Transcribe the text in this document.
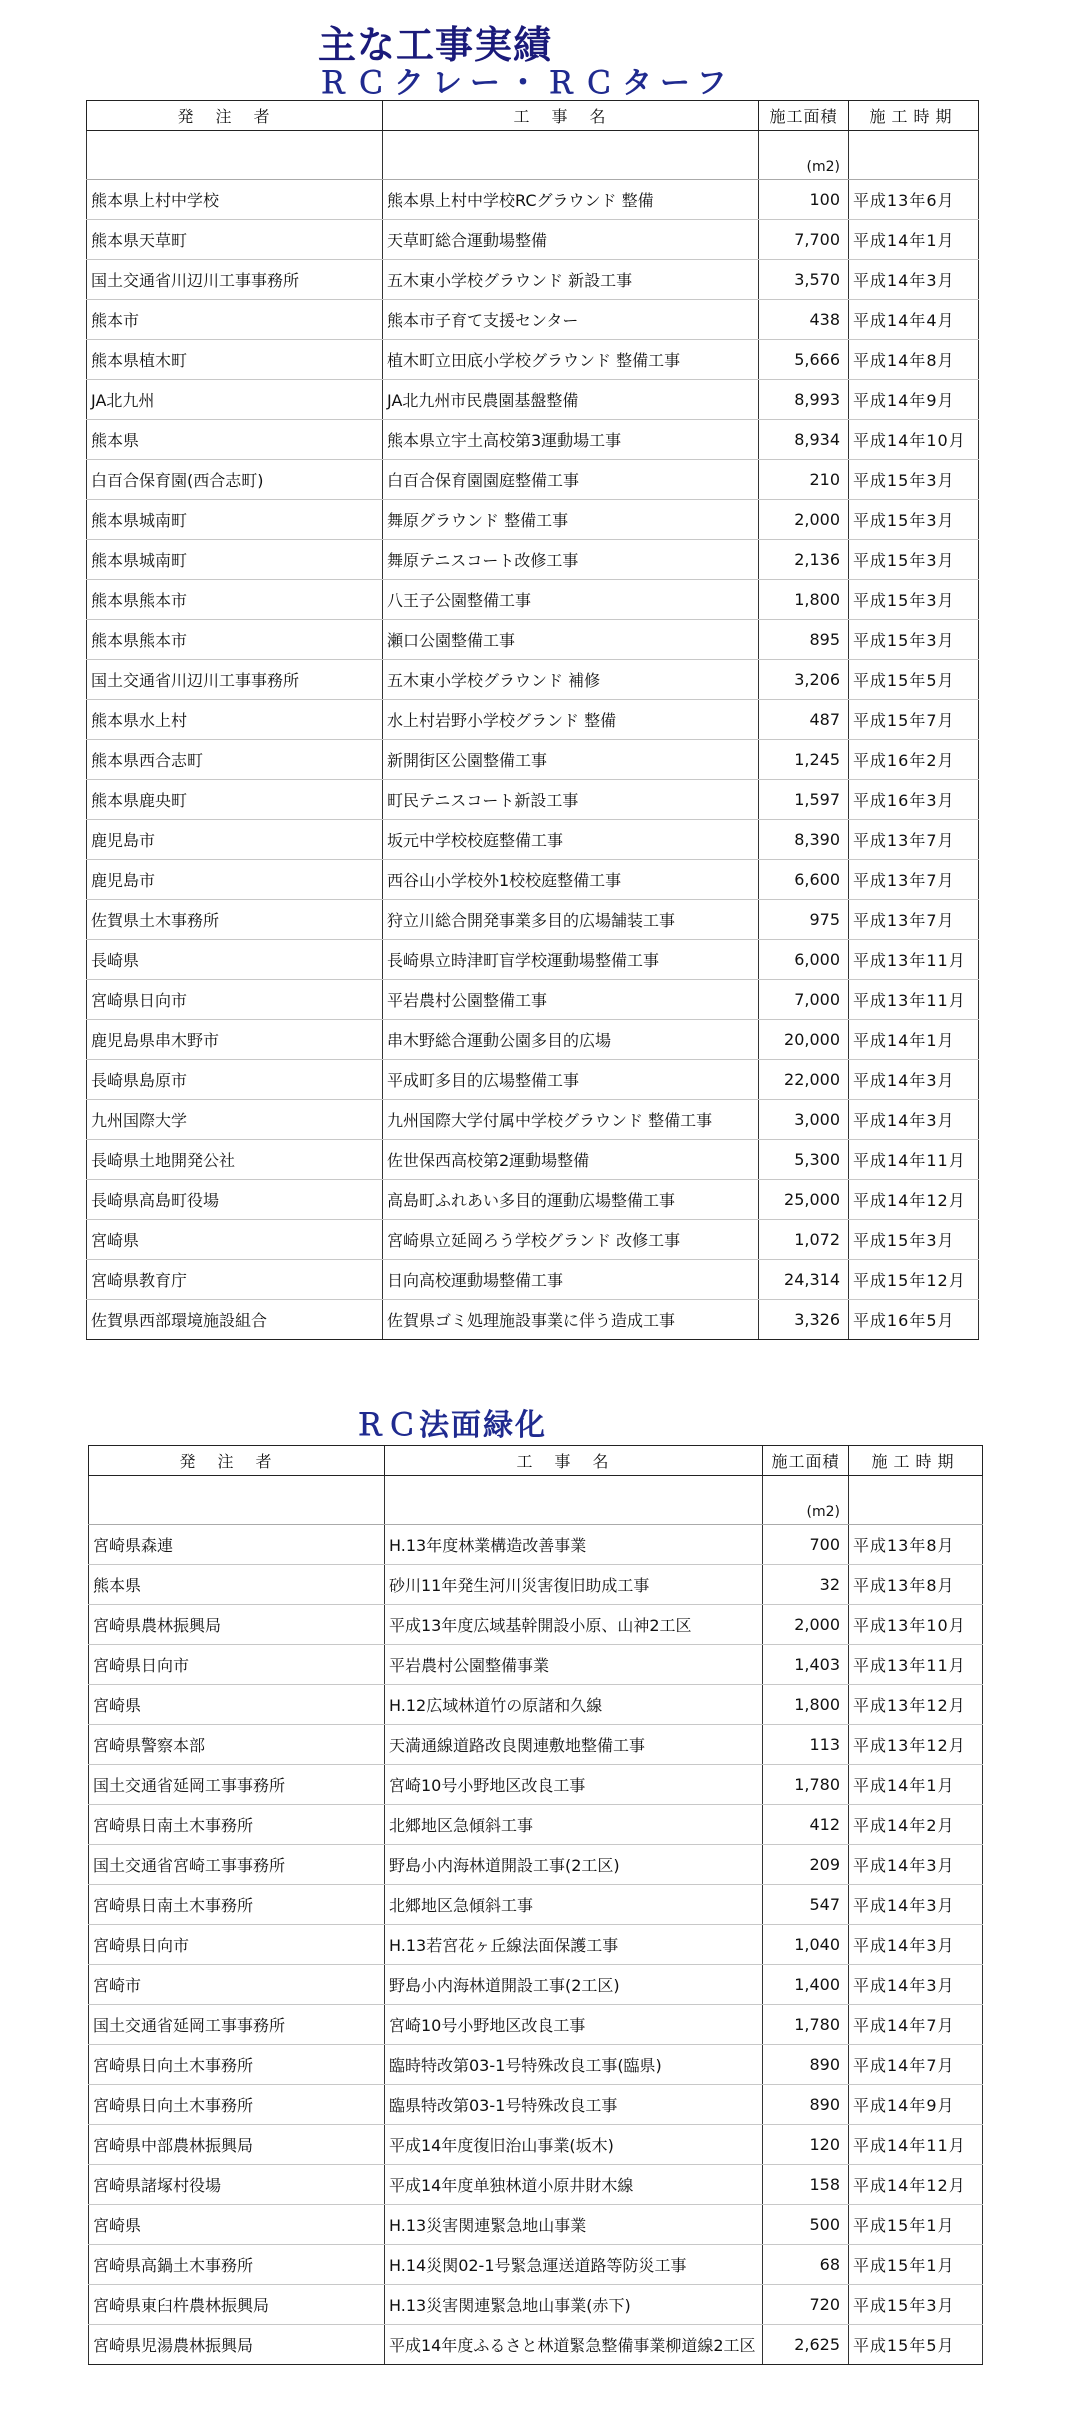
主な工事実績
ＲＣクレー・ＲＣターフ
発注者	工事名	施工面積	施工時期
		(m2)	
熊本県上村中学校	熊本県上村中学校RCグラウンド 整備	100	平成13年6月
熊本県天草町	天草町総合運動場整備	7,700	平成14年1月
国土交通省川辺川工事事務所	五木東小学校グラウンド 新設工事	3,570	平成14年3月
熊本市	熊本市子育て支援センター	438	平成14年4月
熊本県植木町	植木町立田底小学校グラウンド 整備工事	5,666	平成14年8月
JA北九州	JA北九州市民農園基盤整備	8,993	平成14年9月
熊本県	熊本県立宇土高校第3運動場工事	8,934	平成14年10月
白百合保育園(西合志町)	白百合保育園園庭整備工事	210	平成15年3月
熊本県城南町	舞原グラウンド 整備工事	2,000	平成15年3月
熊本県城南町	舞原テニスコート改修工事	2,136	平成15年3月
熊本県熊本市	八王子公園整備工事	1,800	平成15年3月
熊本県熊本市	瀬口公園整備工事	895	平成15年3月
国土交通省川辺川工事事務所	五木東小学校グラウンド 補修	3,206	平成15年5月
熊本県水上村	水上村岩野小学校グランド 整備	487	平成15年7月
熊本県西合志町	新開街区公園整備工事	1,245	平成16年2月
熊本県鹿央町	町民テニスコート新設工事	1,597	平成16年3月
鹿児島市	坂元中学校校庭整備工事	8,390	平成13年7月
鹿児島市	西谷山小学校外1校校庭整備工事	6,600	平成13年7月
佐賀県土木事務所	狩立川総合開発事業多目的広場舗装工事	975	平成13年7月
長崎県	長崎県立時津町盲学校運動場整備工事	6,000	平成13年11月
宮崎県日向市	平岩農村公園整備工事	7,000	平成13年11月
鹿児島県串木野市	串木野総合運動公園多目的広場	20,000	平成14年1月
長崎県島原市	平成町多目的広場整備工事	22,000	平成14年3月
九州国際大学	九州国際大学付属中学校グラウンド 整備工事	3,000	平成14年3月
長崎県土地開発公社	佐世保西高校第2運動場整備	5,300	平成14年11月
長崎県高島町役場	高島町ふれあい多目的運動広場整備工事	25,000	平成14年12月
宮崎県	宮崎県立延岡ろう学校グランド 改修工事	1,072	平成15年3月
宮崎県教育庁	日向高校運動場整備工事	24,314	平成15年12月
佐賀県西部環境施設組合	佐賀県ゴミ処理施設事業に伴う造成工事	3,326	平成16年5月
ＲＣ法面緑化
発注者	工事名	施工面積	施工時期
		(m2)	
宮崎県森連	H.13年度林業構造改善事業	700	平成13年8月
熊本県	砂川11年発生河川災害復旧助成工事	32	平成13年8月
宮崎県農林振興局	平成13年度広域基幹開設小原、山神2工区	2,000	平成13年10月
宮崎県日向市	平岩農村公園整備事業	1,403	平成13年11月
宮崎県	H.12広域林道竹の原諸和久線	1,800	平成13年12月
宮崎県警察本部	天満通線道路改良関連敷地整備工事	113	平成13年12月
国土交通省延岡工事事務所	宮崎10号小野地区改良工事	1,780	平成14年1月
宮崎県日南土木事務所	北郷地区急傾斜工事	412	平成14年2月
国土交通省宮崎工事事務所	野島小内海林道開設工事(2工区)	209	平成14年3月
宮崎県日南土木事務所	北郷地区急傾斜工事	547	平成14年3月
宮崎県日向市	H.13若宮花ヶ丘線法面保護工事	1,040	平成14年3月
宮崎市	野島小内海林道開設工事(2工区)	1,400	平成14年3月
国土交通省延岡工事事務所	宮崎10号小野地区改良工事	1,780	平成14年7月
宮崎県日向土木事務所	臨時特改第03-1号特殊改良工事(臨県)	890	平成14年7月
宮崎県日向土木事務所	臨県特改第03-1号特殊改良工事	890	平成14年9月
宮崎県中部農林振興局	平成14年度復旧治山事業(坂木)	120	平成14年11月
宮崎県諸塚村役場	平成14年度单独林道小原井財木線	158	平成14年12月
宮崎県	H.13災害関連緊急地山事業	500	平成15年1月
宮崎県高鍋土木事務所	H.14災関02-1号緊急運送道路等防災工事	68	平成15年1月
宮崎県東臼杵農林振興局	H.13災害関連緊急地山事業(赤下)	720	平成15年3月
宮崎県児湯農林振興局	平成14年度ふるさと林道緊急整備事業柳道線2工区	2,625	平成15年5月
